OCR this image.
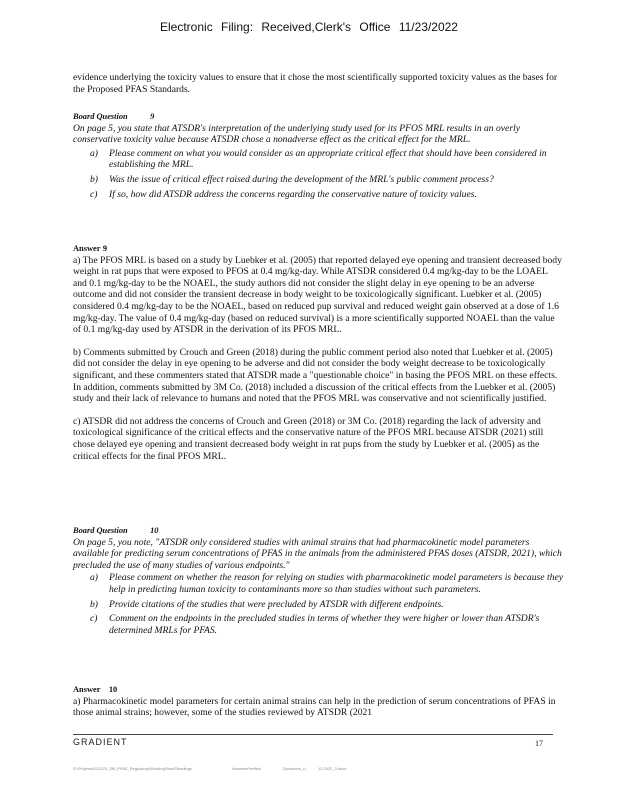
Electronic Filing: Received,Clerk's Office 11/23/2022

evidence underlying the toxicity values to ensure that it chose the most scientifically supported toxicity values as the bases for the Proposed PFAS Standards.

Board Question	9

On page 5, you state that ATSDR's interpretation of the underlying study used for its PFOS MRL results in an overly conservative toxicity value because ATSDR chose a nonadverse effect as the critical effect for the MRL.

a) Please comment on what you would consider as an appropriate critical effect that should have been considered in establishing the MRL.

b) Was the issue of critical effect raised during the development of the MRL's public comment process?

c) If so, how did ATSDR address the concerns regarding the conservative nature of toxicity values.

Answer 9

a) The PFOS MRL is based on a study by Luebker et al. (2005) that reported delayed eye opening and transient decreased body weight in rat pups that were exposed to PFOS at 0.4 mg/kg-day. While ATSDR considered 0.4 mg/kg-day to be the LOAEL and 0.1 mg/kg-day to be the NOAEL, the study authors did not consider the slight delay in eye opening to be an adverse outcome and did not consider the transient decrease in body weight to be toxicologically significant. Luebker et al. (2005) considered 0.4 mg/kg-day to be the NOAEL, based on reduced pup survival and reduced weight gain observed at a dose of 1.6 mg/kg-day. The value of 0.4 mg/kg-day (based on reduced survival) is a more scientifically supported NOAEL than the value of 0.1 mg/kg-day used by ATSDR in the derivation of its PFOS MRL.

b) Comments submitted by Crouch and Green (2018) during the public comment period also noted that Luebker et al. (2005) did not consider the delay in eye opening to be adverse and did not consider the body weight decrease to be toxicologically significant, and these commenters stated that ATSDR made a "questionable choice" in basing the PFOS MRL on these effects. In addition, comments submitted by 3M Co. (2018) included a discussion of the critical effects from the Luebker et al. (2005) study and their lack of relevance to humans and noted that the PFOS MRL was conservative and not scientifically justified.

c) ATSDR did not address the concerns of Crouch and Green (2018) or 3M Co. (2018) regarding the lack of adversity and toxicological significance of the critical effects and the conservative nature of the PFOS MRL because ATSDR (2021) still chose delayed eye opening and transient decreased body weight in rat pups from the study by Luebker et al. (2005) as the critical effects for the final PFOS MRL.

Board Question	10

On page 5, you note, "ATSDR only considered studies with animal strains that had pharmacokinetic model parameters available for predicting serum concentrations of PFAS in the animals from the administered PFAS doses (ATSDR, 2021), which precluded the use of many studies of various endpoints."

a) Please comment on whether the reason for relying on studies with pharmacokinetic model parameters is because they help in predicting human toxicity to contaminants more so than studies without such parameters.

b) Provide citations of the studies that were precluded by ATSDR with different endpoints.

c) Comment on the endpoints in the precluded studies in terms of whether they were higher or lower than ATSDR's determined MRLs for PFAS.

Answer 10

a) Pharmacokinetic model parameters for certain animal strains can help in the prediction of serum concentrations of PFAS in those animal strains; however, some of the studies reviewed by ATSDR (2021

GRADIENT	17
G:\Projects\220270_3M_PFAS_Regulatory\WorkingFiles\Pleadings	AnswersPrefiled	Questions_IL	11-2022_3.docx
